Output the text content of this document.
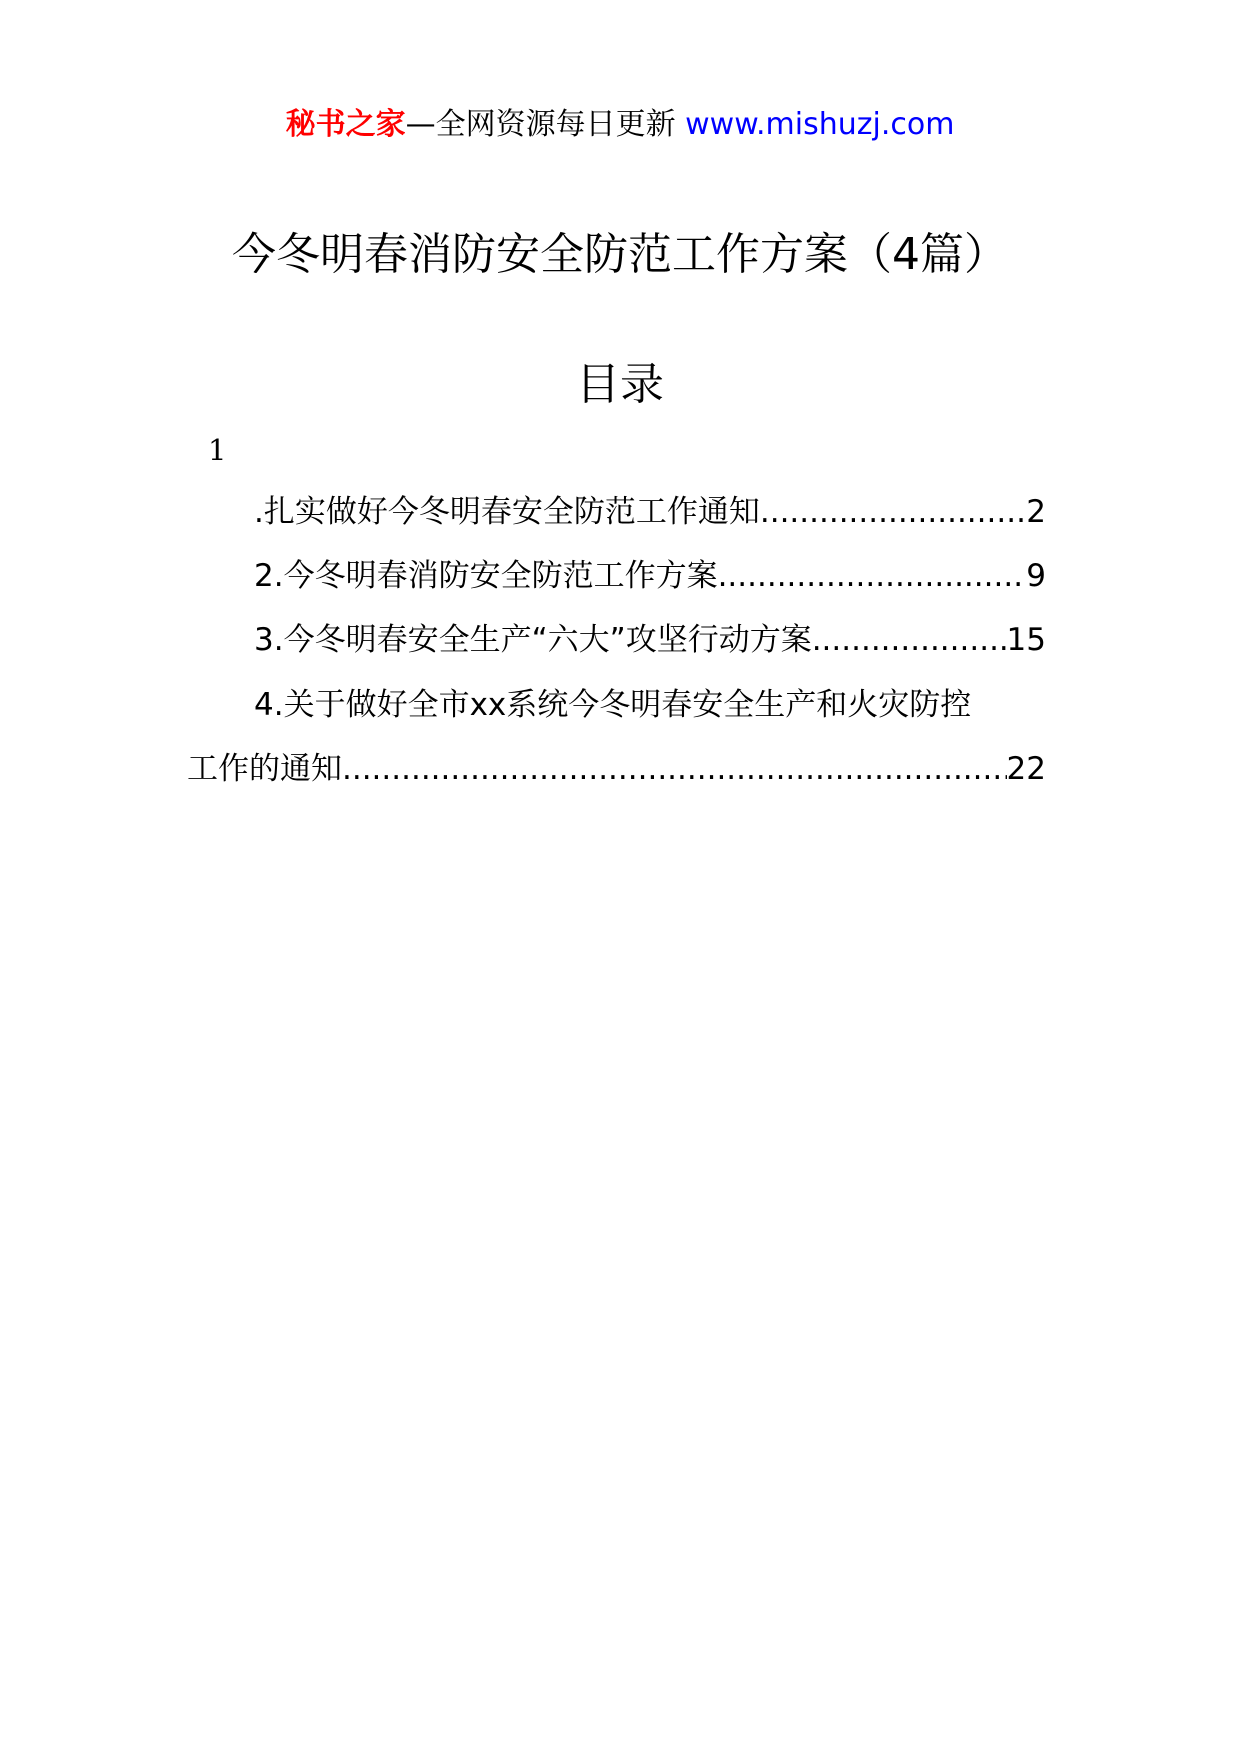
秘书之家—全网资源每日更新 www.mishuzj.com
今冬明春消防安全防范工作方案（4篇）
目录
1
.扎实做好今冬明春安全防范工作通知 .....	2
2.今冬明春消防安全防范工作方案 .....	9
3.今冬明春安全生产“六大”攻坚行动方案 .....	15
4.关于做好全市xx系统今冬明春安全生产和火灾防控
工作的通知 .....	22
